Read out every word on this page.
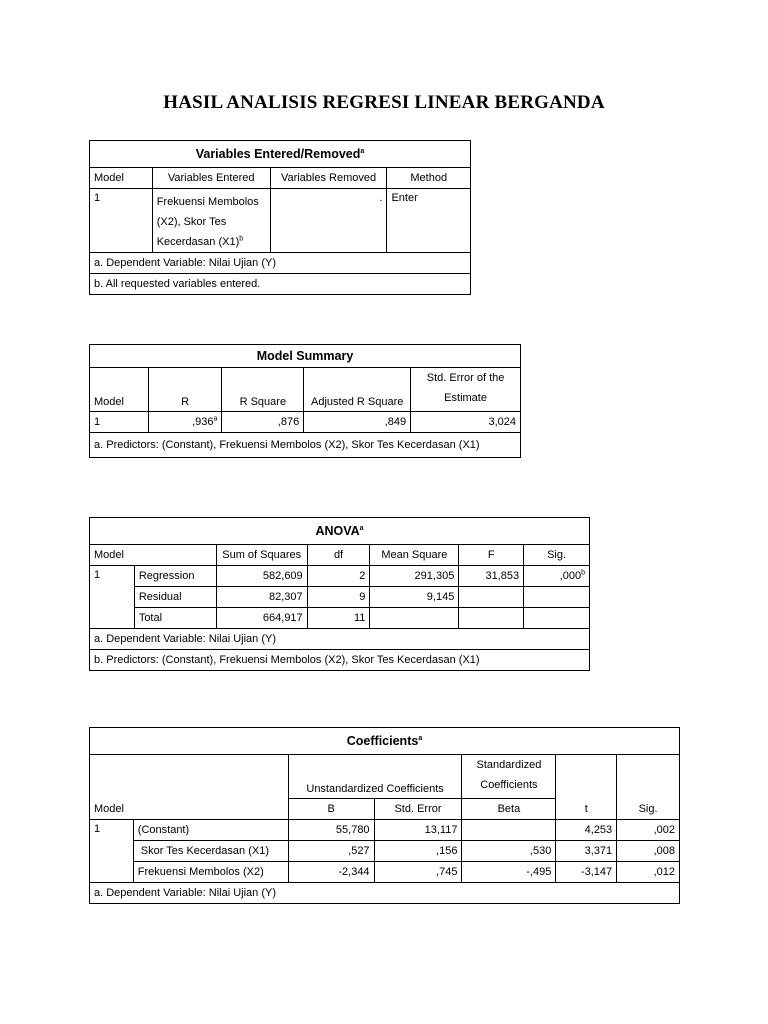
HASIL ANALISIS REGRESI LINEAR BERGANDA
Variables Entered/Removed$^a$
Model	Variables Entered	Variables Removed	Method
1	Frekuensi Membolos
(X2), Skor Tes
Kecerdasan $(X1)^b$	.	Enter
a. Dependent Variable: Nilai Ujian (Y)			
b. All requested variables entered.			
Model Summary				
Model	R	R Square	Adjusted R Square	Std. Error of the
Estimate
1	,936$^a$	,876	,849	3,024
a. Predictors: (Constant), Frekuensi Membolos (X2), Skor Tes Kecerdasan (X1)				
ANOVA$^a$
Model		Sum of Squares	df	Mean Square	F	Sig.
1	Regression	582,609	2	291,305	31,853	,000$^b$
	Residual	82,307	9	9,145		
	Total	664,917	11			
a. Dependent Variable: Nilai Ujian (Y)						
b. Predictors: (Constant), Frekuensi Membolos (X2), Skor Tes Kecerdasan (X1)						
Coefficients$^a$
		Unstandardized Coefficients		Standardized
Coefficients		
Model		B	Std. Error	Beta	t	Sig.
1	(Constant)	55,780	13,117		4,253	,002
	Skor Tes Kecerdasan (X1)	,527	,156	,530	3,371	,008
	Frekuensi Membolos (X2)	-2,344	,745	-,495	-3,147	,012
a. Dependent Variable: Nilai Ujian (Y)						
